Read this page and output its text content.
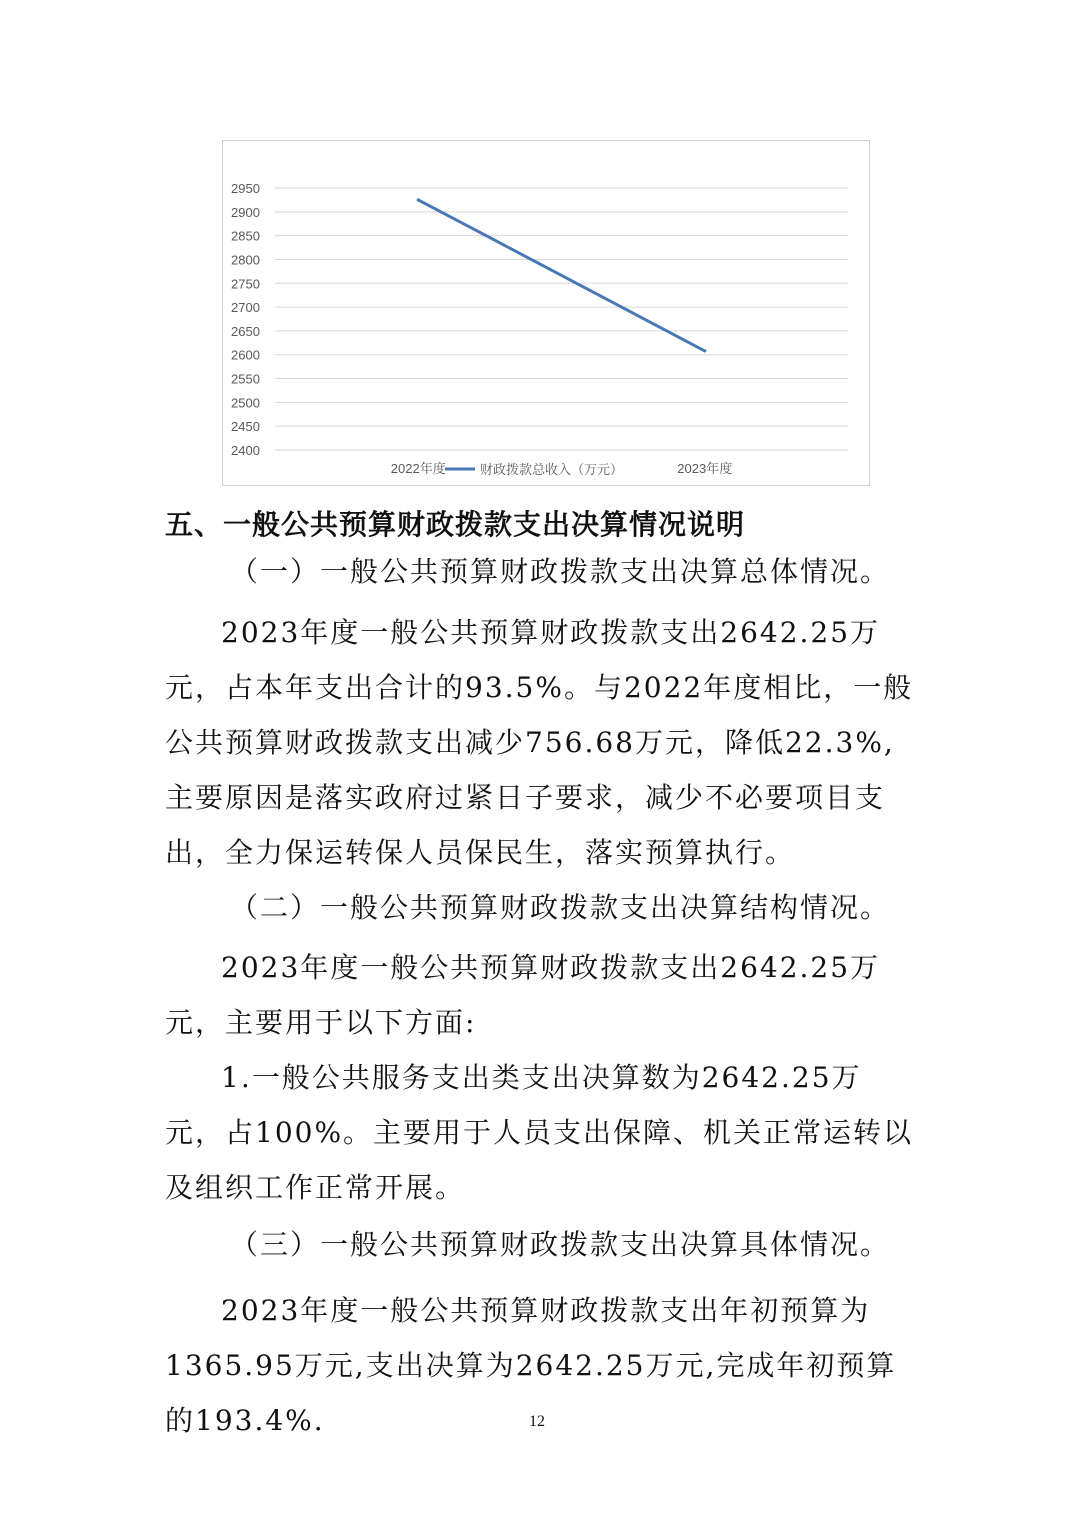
2950
2900
2850
2800
2750
2700
2650
2600
2550
2500
2450
2400
2022年度	2023年度
财政拨款总收入（万元）
五、一般公共预算财政拨款支出决算情况说明

（一）一般公共预算财政拨款支出决算总体情况。

2023年度一般公共预算财政拨款支出2642.25万元，占本年支出合计的93.5%。与2022年度相比，一般公共预算财政拨款支出减少756.68万元，降低22.3%,主要原因是落实政府过紧日子要求，减少不必要项目支出，全力保运转保人员保民生，落实预算执行。

（二）一般公共预算财政拨款支出决算结构情况。

2023年度一般公共预算财政拨款支出2642.25万元，主要用于以下方面:

1.一般公共服务支出类支出决算数为2642.25万元，占100%。主要用于人员支出保障、机关正常运转以及组织工作正常开展。

（三）一般公共预算财政拨款支出决算具体情况。

2023年度一般公共预算财政拨款支出年初预算为1365.95万元,支出决算为2642.25万元,完成年初预算的193.4%.	12
